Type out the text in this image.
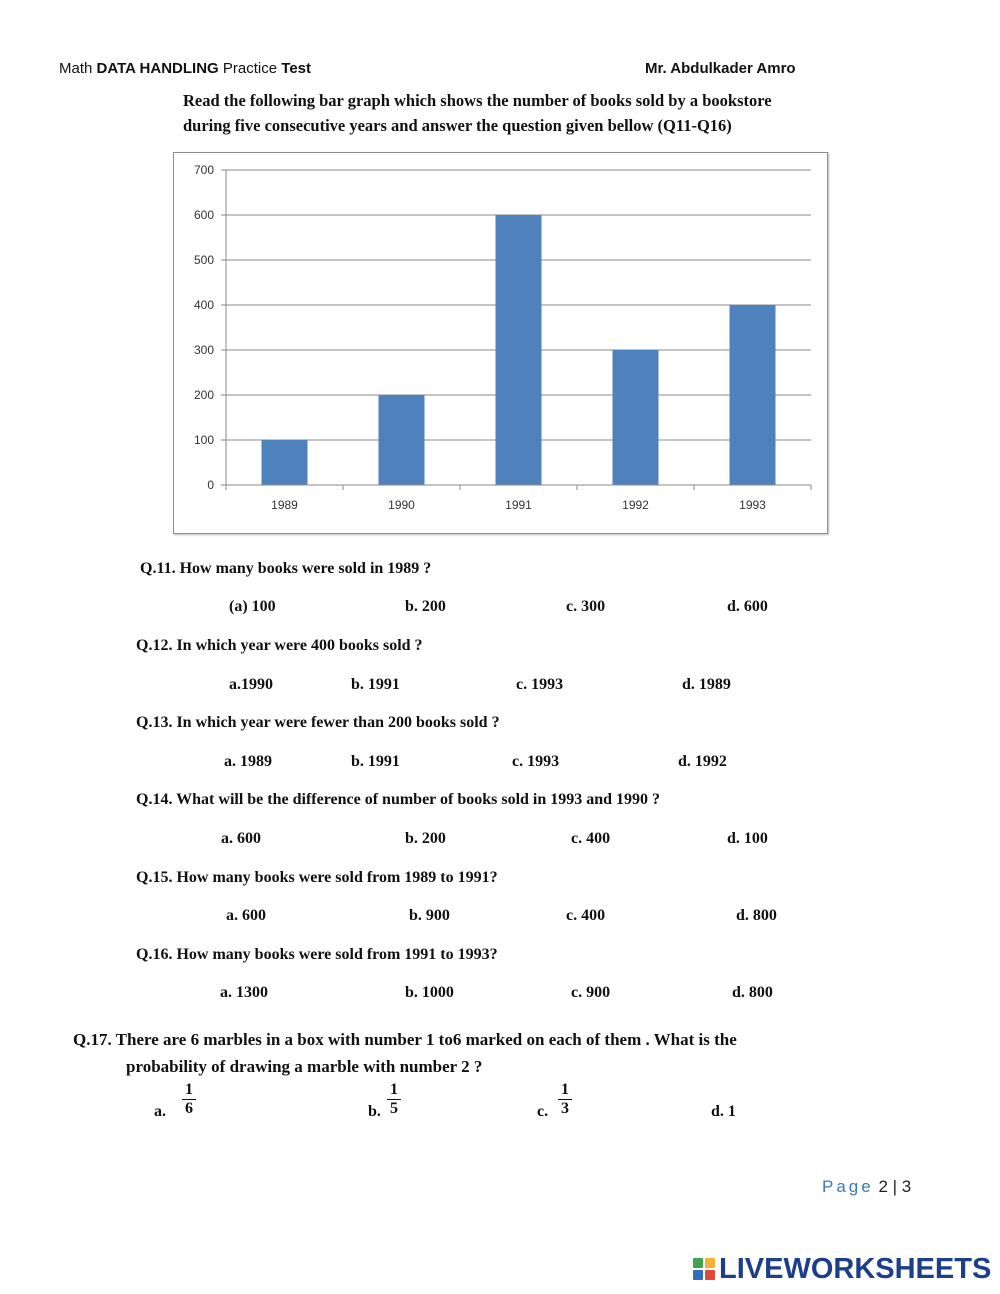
Math DATA HANDLING Practice Test	Mr. Abdulkader Amro
Read the following bar graph which shows the number of books sold by a bookstore
during five consecutive years and answer the question given bellow (Q11-Q16)
0
100
200
300
400
500
600
700
1989	1990	1991	1992	1993
Q.11. How many books were sold in 1989 ?
(a) 100	b. 200	c. 300	d. 600
Q.12. In which year were 400 books sold ?
a.1990	b. 1991	c. 1993	d. 1989
Q.13. In which year were fewer than 200 books sold ?
a. 1989	b. 1991	c. 1993	d. 1992
Q.14. What will be the difference of number of books sold in 1993 and 1990 ?
a. 600	b. 200	c. 400	d. 100
Q.15. How many books were sold from 1989 to 1991?
a. 600	b. 900	c. 400	d. 800
Q.16. How many books were sold from 1991 to 1993?
a. 1300	b. 1000	c. 900	d. 800
Q.17. There are 6 marbles in a box with number 1 to6 marked on each of them . What is the
probability of drawing a marble with number 2 ?
a. $\frac{1}{6}$	b. $\frac{1}{5}$	c. $\frac{1}{3}$	d. 1
Page 2 | 3
LIVEWORKSHEETS
